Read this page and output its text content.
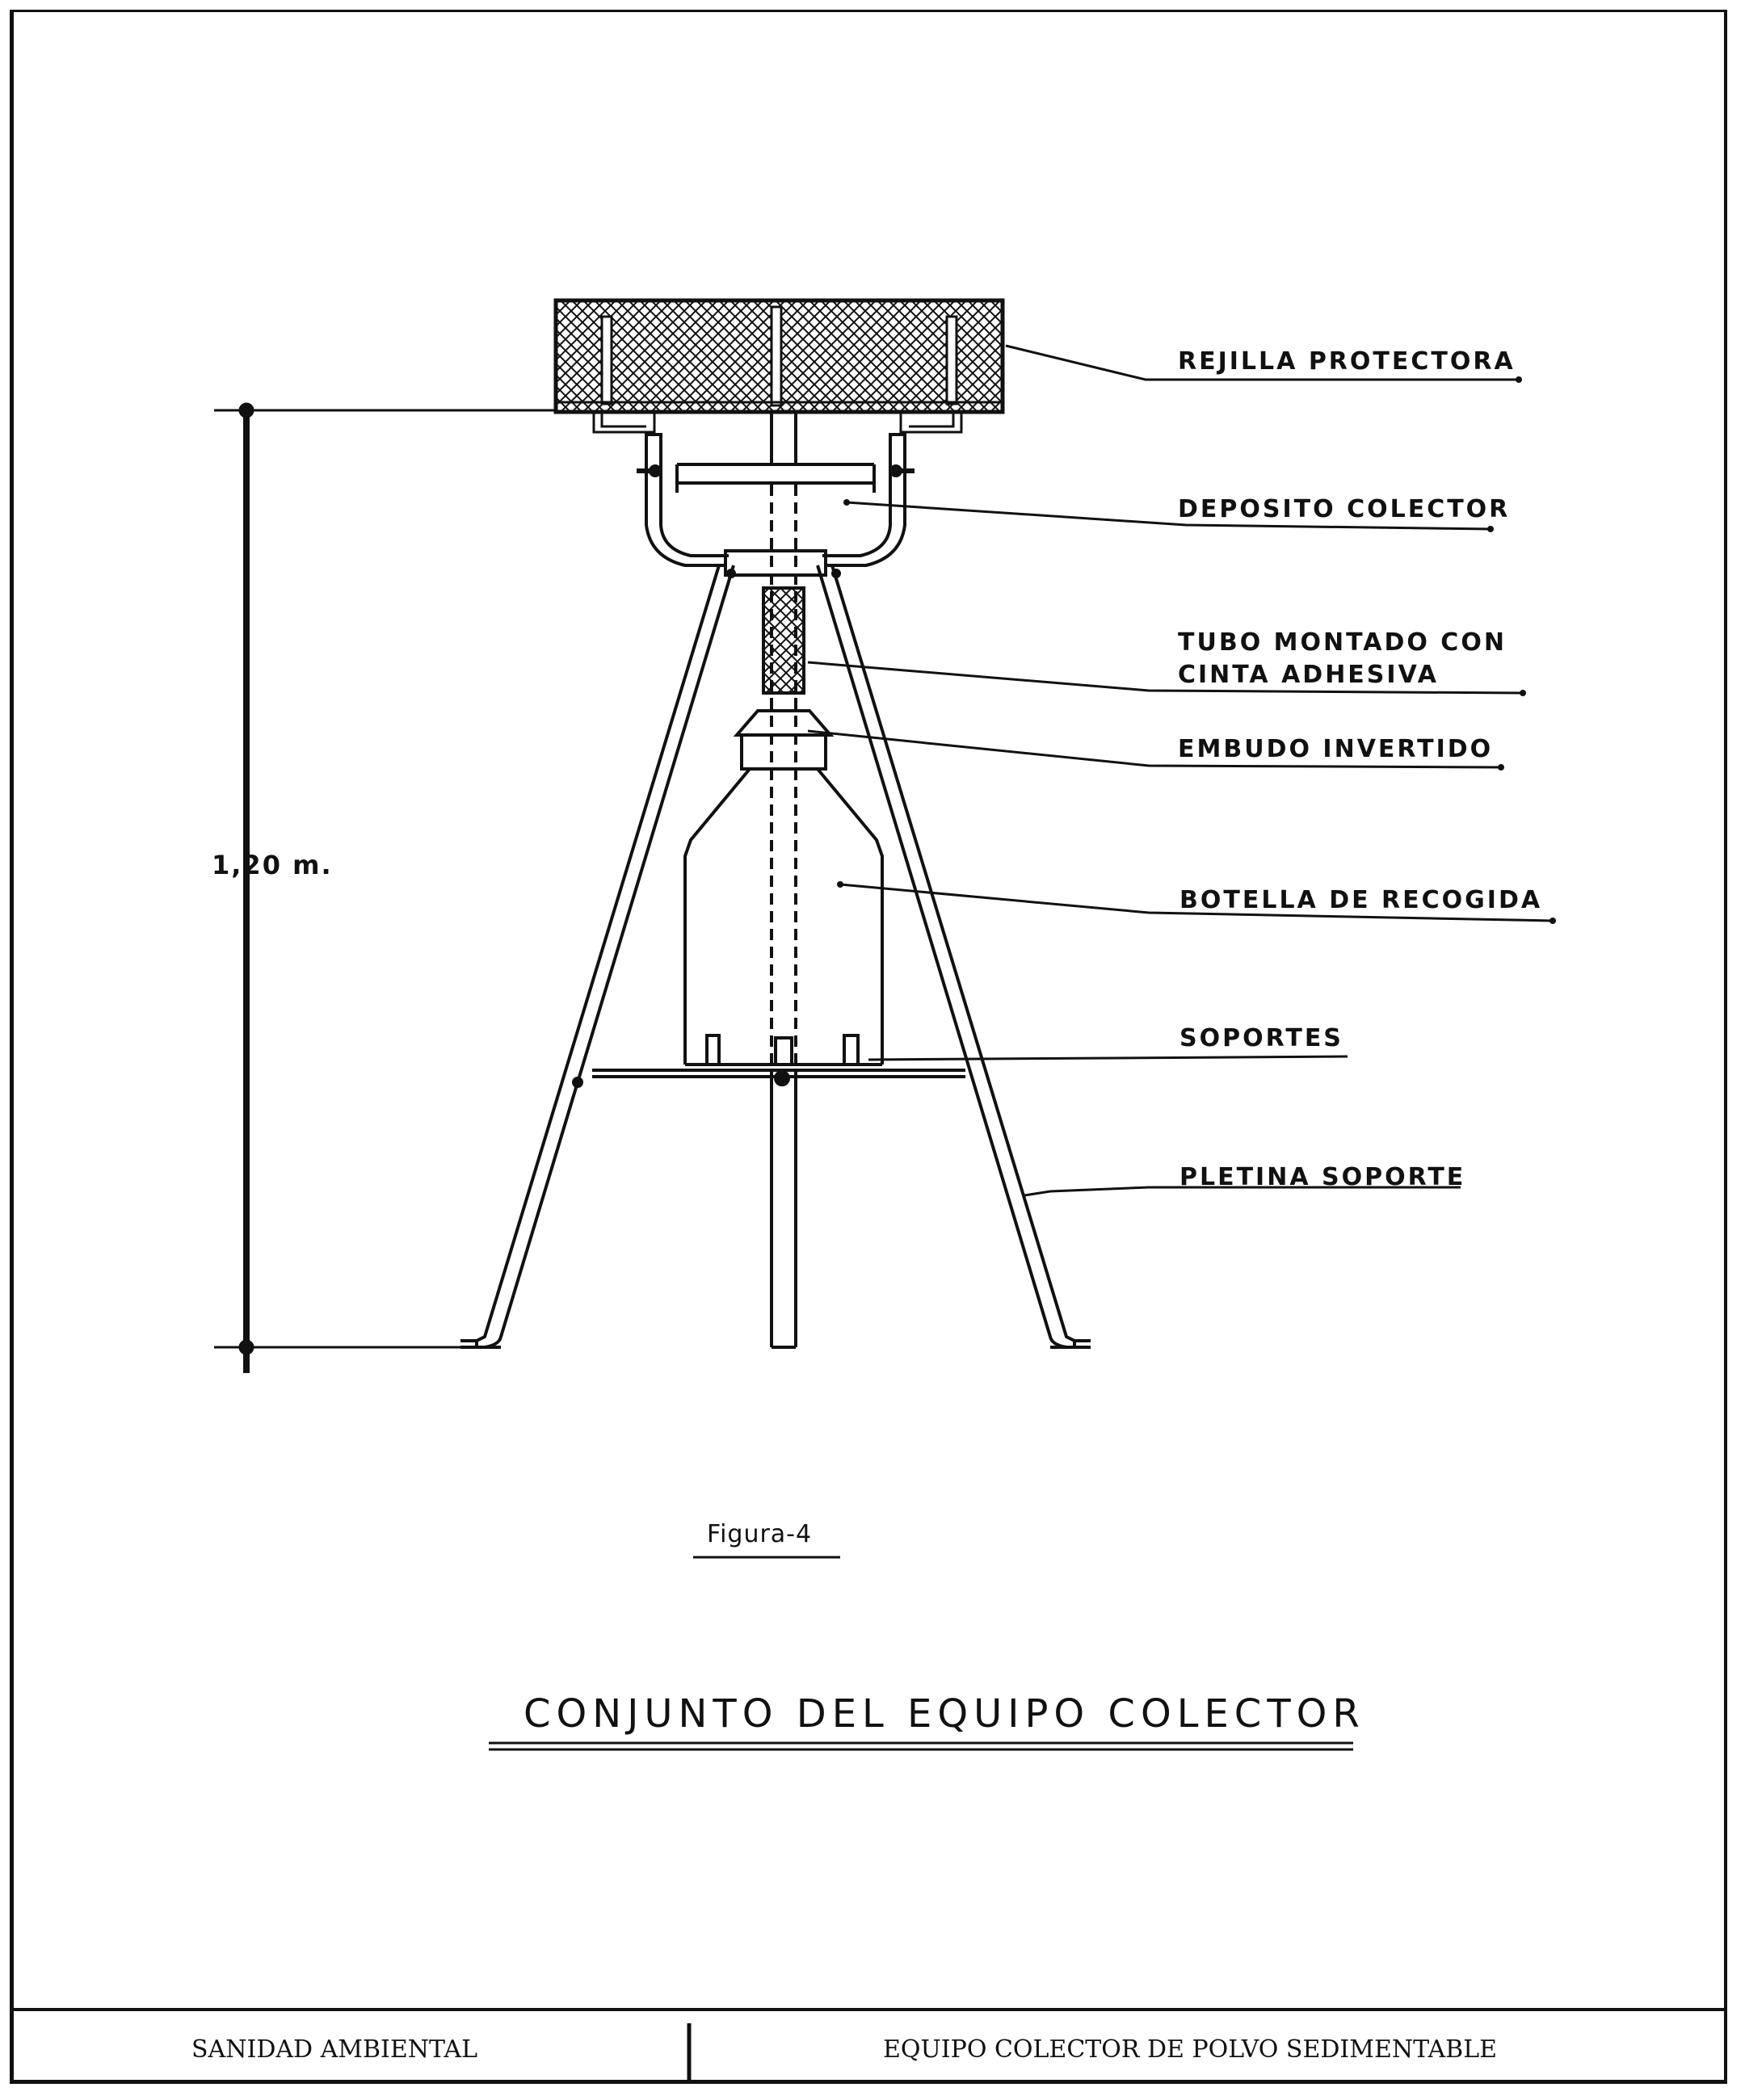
REJILLA PROTECTORA
DEPOSITO COLECTOR
TUBO MONTADO CON
CINTA ADHESIVA
EMBUDO INVERTIDO
BOTELLA DE RECOGIDA
SOPORTES
PLETINA SOPORTE
1,20 m.
Figura-4
CONJUNTO DEL EQUIPO COLECTOR
SANIDAD AMBIENTAL	EQUIPO COLECTOR DE POLVO SEDIMENTABLE
